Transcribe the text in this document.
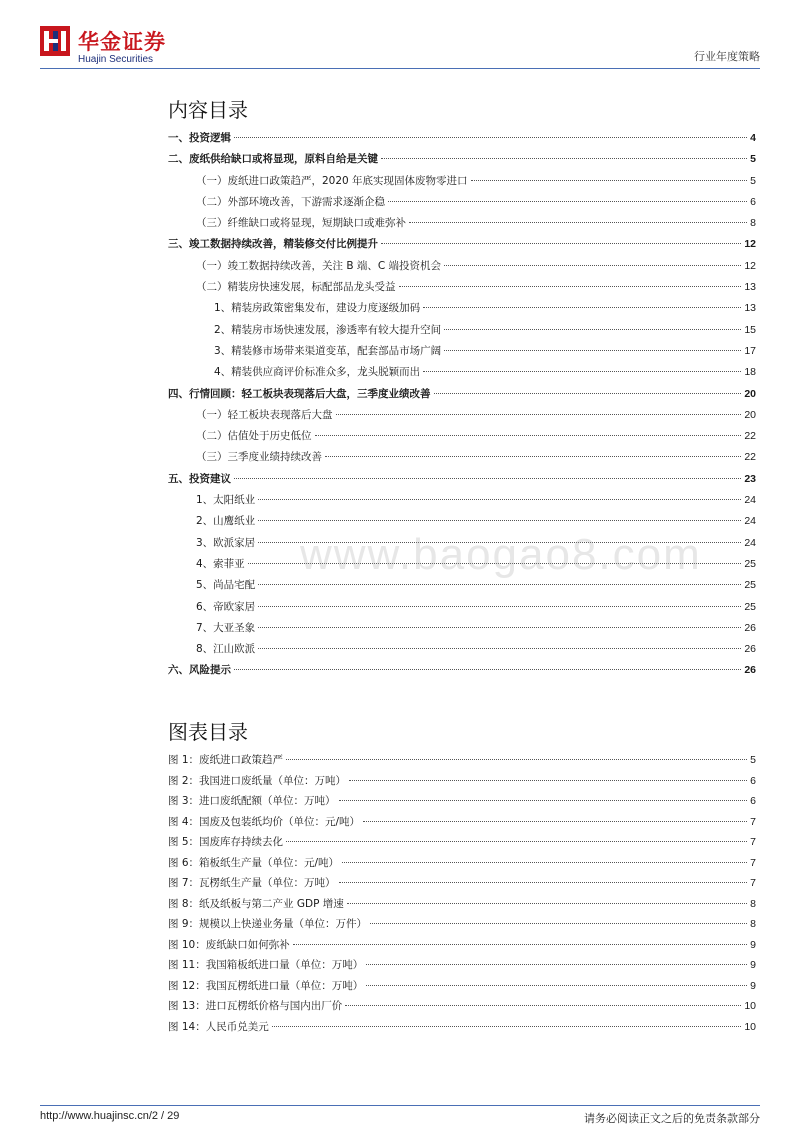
华金证券
Huajin Securities	行业年度策略
内容目录
一、投资逻辑	4
二、废纸供给缺口或将显现，原料自给是关键	5
（一）废纸进口政策趋严，2020 年底实现固体废物零进口	5
（二）外部环境改善，下游需求逐渐企稳	6
（三）纤维缺口或将显现，短期缺口或难弥补	8
三、竣工数据持续改善，精装修交付比例提升	12
（一）竣工数据持续改善，关注 B 端、C 端投资机会	12
（二）精装房快速发展，标配部品龙头受益	13
1、精装房政策密集发布，建设力度逐级加码	13
2、精装房市场快速发展，渗透率有较大提升空间	15
3、精装修市场带来渠道变革，配套部品市场广阔	17
4、精装供应商评价标准众多，龙头脱颖而出	18
四、行情回顾：轻工板块表现落后大盘，三季度业绩改善	20
（一）轻工板块表现落后大盘	20
（二）估值处于历史低位	22
（三）三季度业绩持续改善	22
五、投资建议	23
1、太阳纸业	24
2、山鹰纸业	24
3、欧派家居	24
4、索菲亚	25
5、尚品宅配	25
6、帝欧家居	25
7、大亚圣象	26
8、江山欧派	26
六、风险提示	26
www.baogao8.com
图表目录
图 1：废纸进口政策趋严	5
图 2：我国进口废纸量（单位：万吨）	6
图 3：进口废纸配额（单位：万吨）	6
图 4：国废及包装纸均价（单位：元/吨）	7
图 5：国废库存持续去化	7
图 6：箱板纸生产量（单位：元/吨）	7
图 7：瓦楞纸生产量（单位：万吨）	7
图 8：纸及纸板与第二产业 GDP 增速	8
图 9：规模以上快递业务量（单位：万件）	8
图 10：废纸缺口如何弥补	9
图 11：我国箱板纸进口量（单位：万吨）	9
图 12：我国瓦楞纸进口量（单位：万吨）	9
图 13：进口瓦楞纸价格与国内出厂价	10
图 14：人民币兑美元	10
http://www.huajinsc.cn/2 / 29	请务必阅读正文之后的免责条款部分
